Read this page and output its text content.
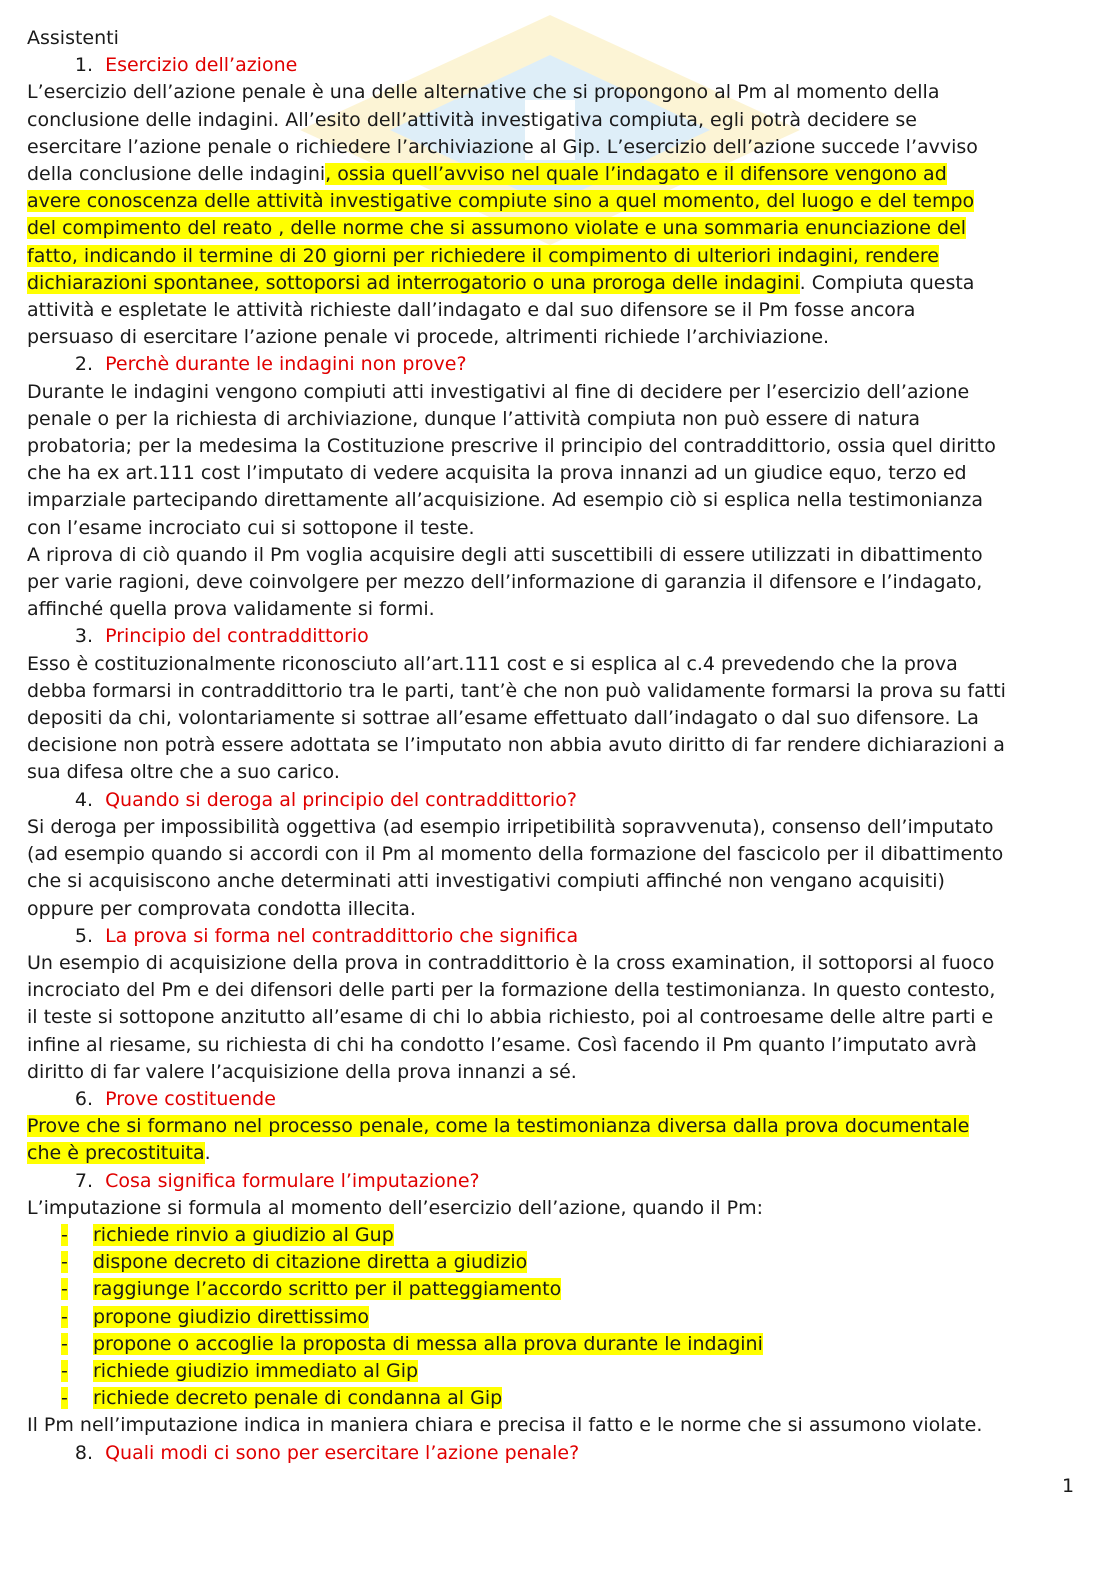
Assistenti
1. Esercizio dell’azione
L’esercizio dell’azione penale è una delle alternative che si propongono al Pm al momento della
conclusione delle indagini. All’esito dell’attività investigativa compiuta, egli potrà decidere se
esercitare l’azione penale o richiedere l’archiviazione al Gip. L’esercizio dell’azione succede l’avviso
della conclusione delle indagini, ossia quell’avviso nel quale l’indagato e il difensore vengono ad
avere conoscenza delle attività investigative compiute sino a quel momento, del luogo e del tempo
del compimento del reato , delle norme che si assumono violate e una sommaria enunciazione del
fatto, indicando il termine di 20 giorni per richiedere il compimento di ulteriori indagini, rendere
dichiarazioni spontanee, sottoporsi ad interrogatorio o una proroga delle indagini. Compiuta questa
attività e espletate le attività richieste dall’indagato e dal suo difensore se il Pm fosse ancora
persuaso di esercitare l’azione penale vi procede, altrimenti richiede l’archiviazione.
2. Perchè durante le indagini non prove?
Durante le indagini vengono compiuti atti investigativi al fine di decidere per l’esercizio dell’azione
penale o per la richiesta di archiviazione, dunque l’attività compiuta non può essere di natura
probatoria; per la medesima la Costituzione prescrive il principio del contraddittorio, ossia quel diritto
che ha ex art.111 cost l’imputato di vedere acquisita la prova innanzi ad un giudice equo, terzo ed
imparziale partecipando direttamente all’acquisizione. Ad esempio ciò si esplica nella testimonianza
con l’esame incrociato cui si sottopone il teste.
A riprova di ciò quando il Pm voglia acquisire degli atti suscettibili di essere utilizzati in dibattimento
per varie ragioni, deve coinvolgere per mezzo dell’informazione di garanzia il difensore e l’indagato,
affinché quella prova validamente si formi.
3. Principio del contraddittorio
Esso è costituzionalmente riconosciuto all’art.111 cost e si esplica al c.4 prevedendo che la prova
debba formarsi in contraddittorio tra le parti, tant’è che non può validamente formarsi la prova su fatti
depositi da chi, volontariamente si sottrae all’esame effettuato dall’indagato o dal suo difensore. La
decisione non potrà essere adottata se l’imputato non abbia avuto diritto di far rendere dichiarazioni a
sua difesa oltre che a suo carico.
4. Quando si deroga al principio del contraddittorio?
Si deroga per impossibilità oggettiva (ad esempio irripetibilità sopravvenuta), consenso dell’imputato
(ad esempio quando si accordi con il Pm al momento della formazione del fascicolo per il dibattimento
che si acquisiscono anche determinati atti investigativi compiuti affinché non vengano acquisiti)
oppure per comprovata condotta illecita.
5. La prova si forma nel contraddittorio che significa
Un esempio di acquisizione della prova in contraddittorio è la cross examination, il sottoporsi al fuoco
incrociato del Pm e dei difensori delle parti per la formazione della testimonianza. In questo contesto,
il teste si sottopone anzitutto all’esame di chi lo abbia richiesto, poi al controesame delle altre parti e
infine al riesame, su richiesta di chi ha condotto l’esame. Così facendo il Pm quanto l’imputato avrà
diritto di far valere l’acquisizione della prova innanzi a sé.
6. Prove costituende
Prove che si formano nel processo penale, come la testimonianza diversa dalla prova documentale
che è precostituita.
7. Cosa significa formulare l’imputazione?
L’imputazione si formula al momento dell’esercizio dell’azione, quando il Pm:
- richiede rinvio a giudizio al Gup
- dispone decreto di citazione diretta a giudizio
- raggiunge l’accordo scritto per il patteggiamento
- propone giudizio direttissimo
- propone o accoglie la proposta di messa alla prova durante le indagini
- richiede giudizio immediato al Gip
- richiede decreto penale di condanna al Gip
Il Pm nell’imputazione indica in maniera chiara e precisa il fatto e le norme che si assumono violate.
8. Quali modi ci sono per esercitare l’azione penale?
1
